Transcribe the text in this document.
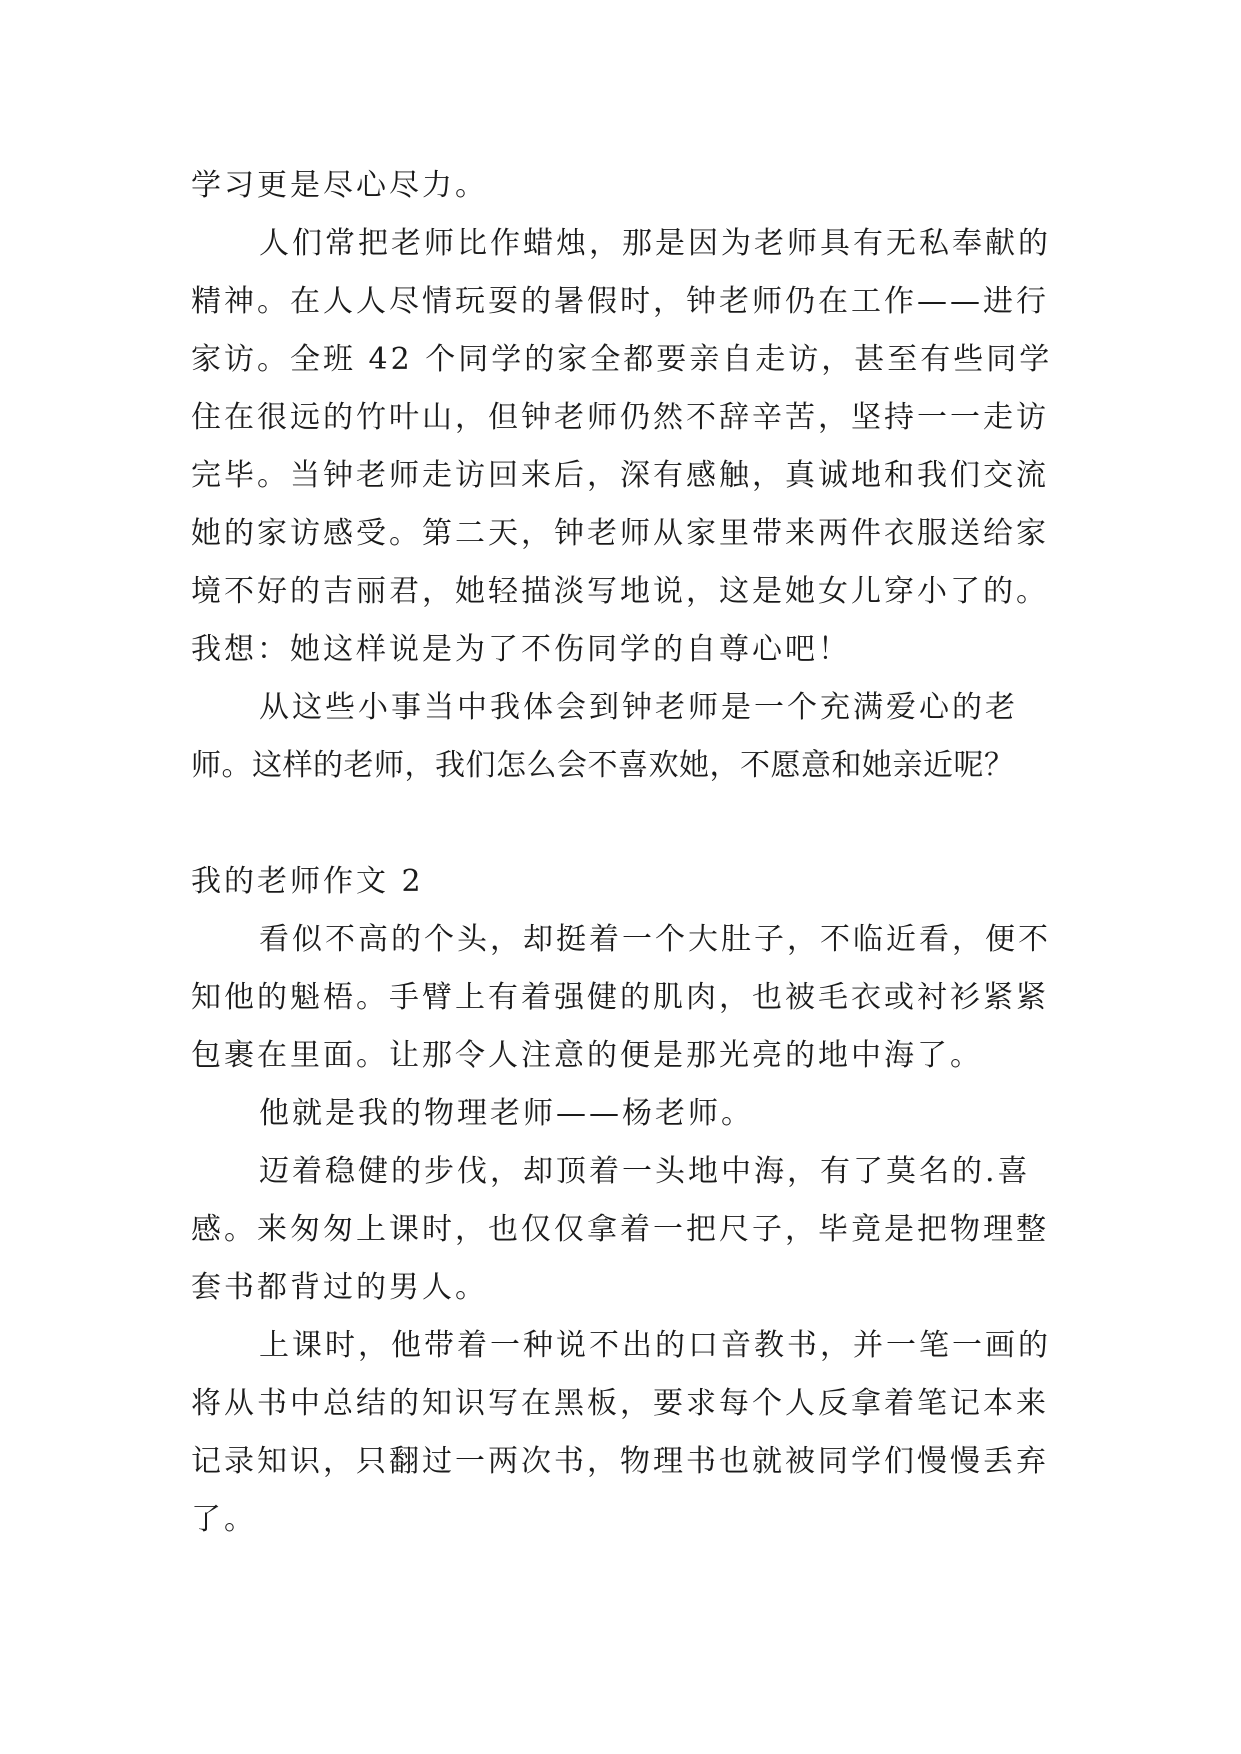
学习更是尽心尽力。
人们常把老师比作蜡烛，那是因为老师具有无私奉献的
精神。在人人尽情玩耍的暑假时，钟老师仍在工作——进行
家访。全班 42 个同学的家全都要亲自走访，甚至有些同学
住在很远的竹叶山，但钟老师仍然不辞辛苦，坚持一一走访
完毕。当钟老师走访回来后，深有感触，真诚地和我们交流
她的家访感受。第二天，钟老师从家里带来两件衣服送给家
境不好的吉丽君，她轻描淡写地说，这是她女儿穿小了的。
我想：她这样说是为了不伤同学的自尊心吧！
从这些小事当中我体会到钟老师是一个充满爱心的老
师。这样的老师，我们怎么会不喜欢她，不愿意和她亲近呢？
我的老师作文 2
看似不高的个头，却挺着一个大肚子，不临近看，便不
知他的魁梧。手臂上有着强健的肌肉，也被毛衣或衬衫紧紧
包裹在里面。让那令人注意的便是那光亮的地中海了。
他就是我的物理老师——杨老师。
迈着稳健的步伐，却顶着一头地中海，有了莫名的.喜
感。来匆匆上课时，也仅仅拿着一把尺子，毕竟是把物理整
套书都背过的男人。
上课时，他带着一种说不出的口音教书，并一笔一画的
将从书中总结的知识写在黑板，要求每个人反拿着笔记本来
记录知识，只翻过一两次书，物理书也就被同学们慢慢丢弃
了。
